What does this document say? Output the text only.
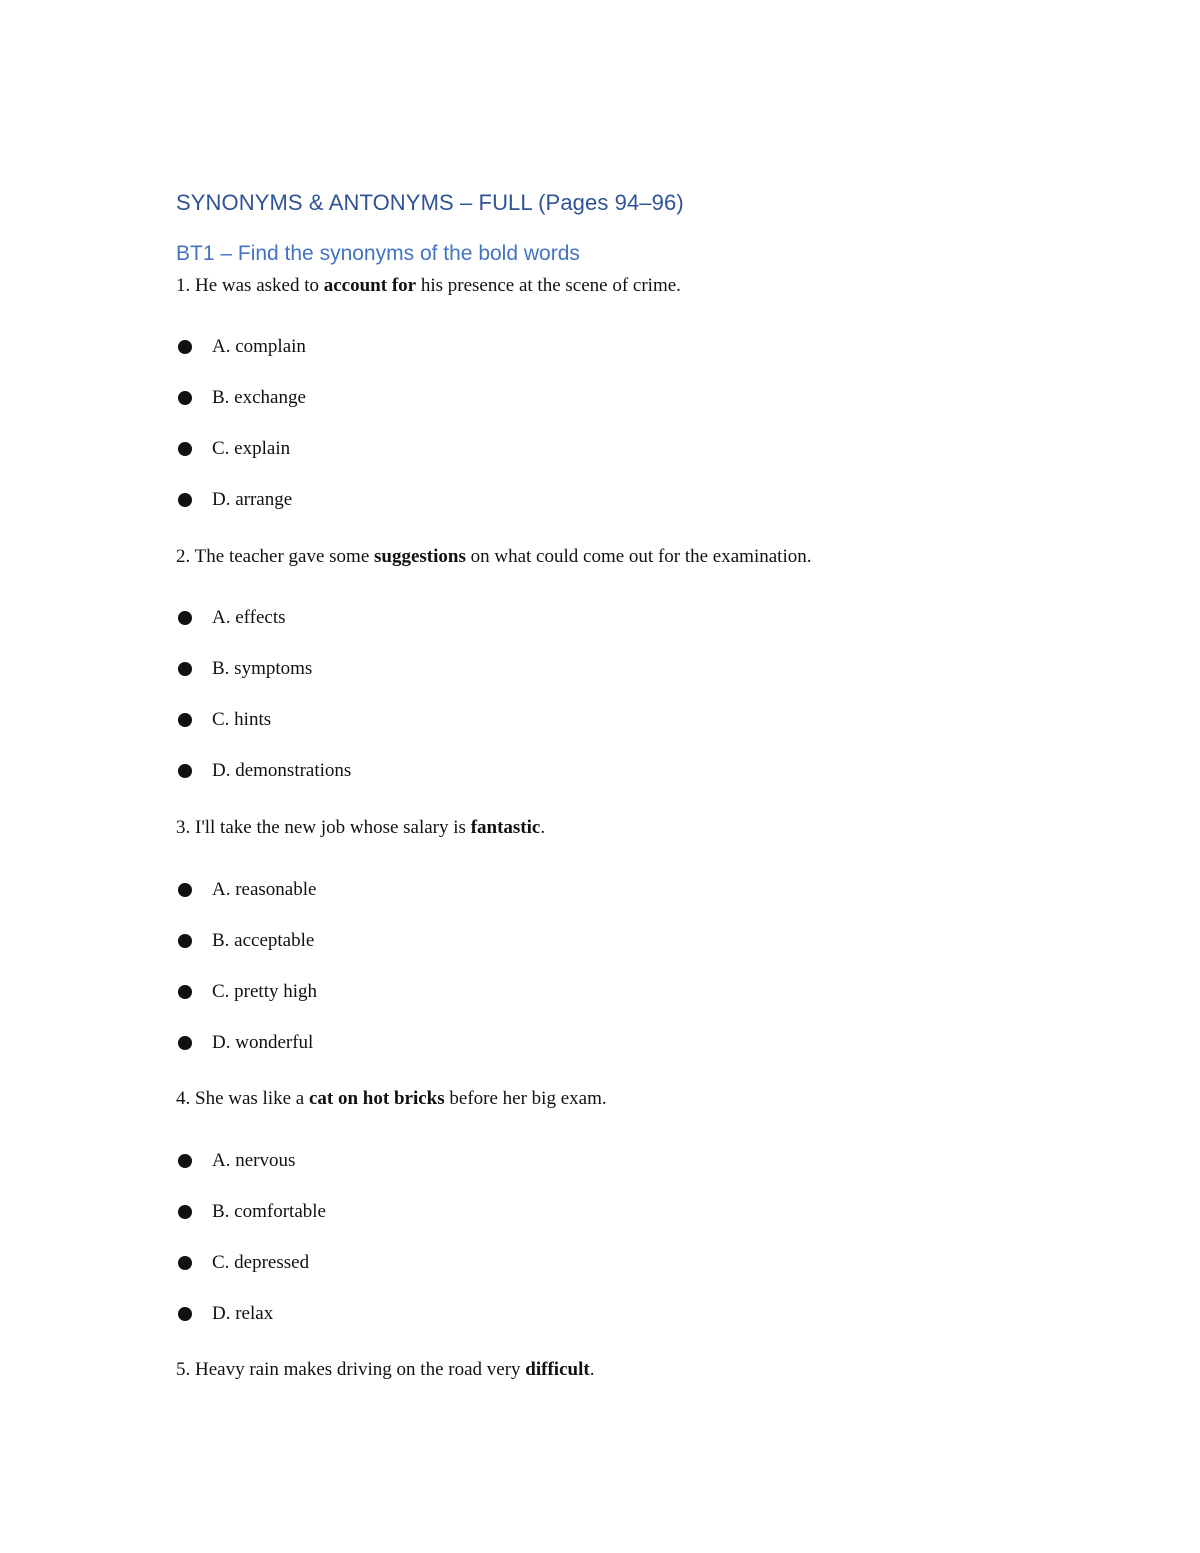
SYNONYMS & ANTONYMS – FULL (Pages 94–96)
BT1 – Find the synonyms of the bold words

1. He was asked to account for his presence at the scene of crime.

A. complain
B. exchange
C. explain
D. arrange

2. The teacher gave some suggestions on what could come out for the examination.

A. effects
B. symptoms
C. hints
D. demonstrations

3. I'll take the new job whose salary is fantastic.

A. reasonable
B. acceptable
C. pretty high
D. wonderful

4. She was like a cat on hot bricks before her big exam.

A. nervous
B. comfortable
C. depressed
D. relax

5. Heavy rain makes driving on the road very difficult.
